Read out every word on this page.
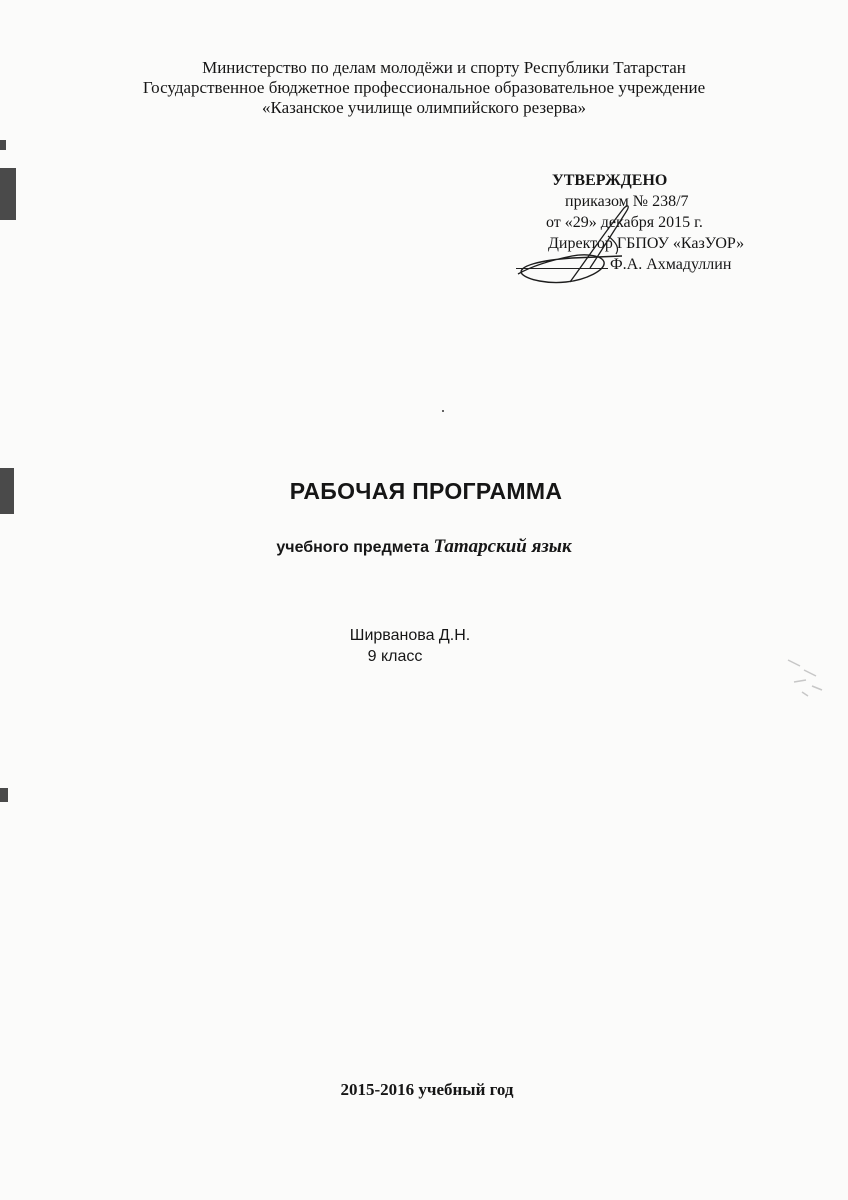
Министерство по делам молодёжи и спорту Республики Татарстан
Государственное бюджетное профессиональное образовательное учреждение
«Казанское училище олимпийского резерва»
УТВЕРЖДЕНО
приказом № 238/7
от «29» декабря 2015 г.
Директор ГБПОУ «КазУОР»
Ф.А. Ахмадуллин
РАБОЧАЯ ПРОГРАММА
учебного предмета Татарский язык
Ширванова Д.Н.
9 класс
2015-2016 учебный год
